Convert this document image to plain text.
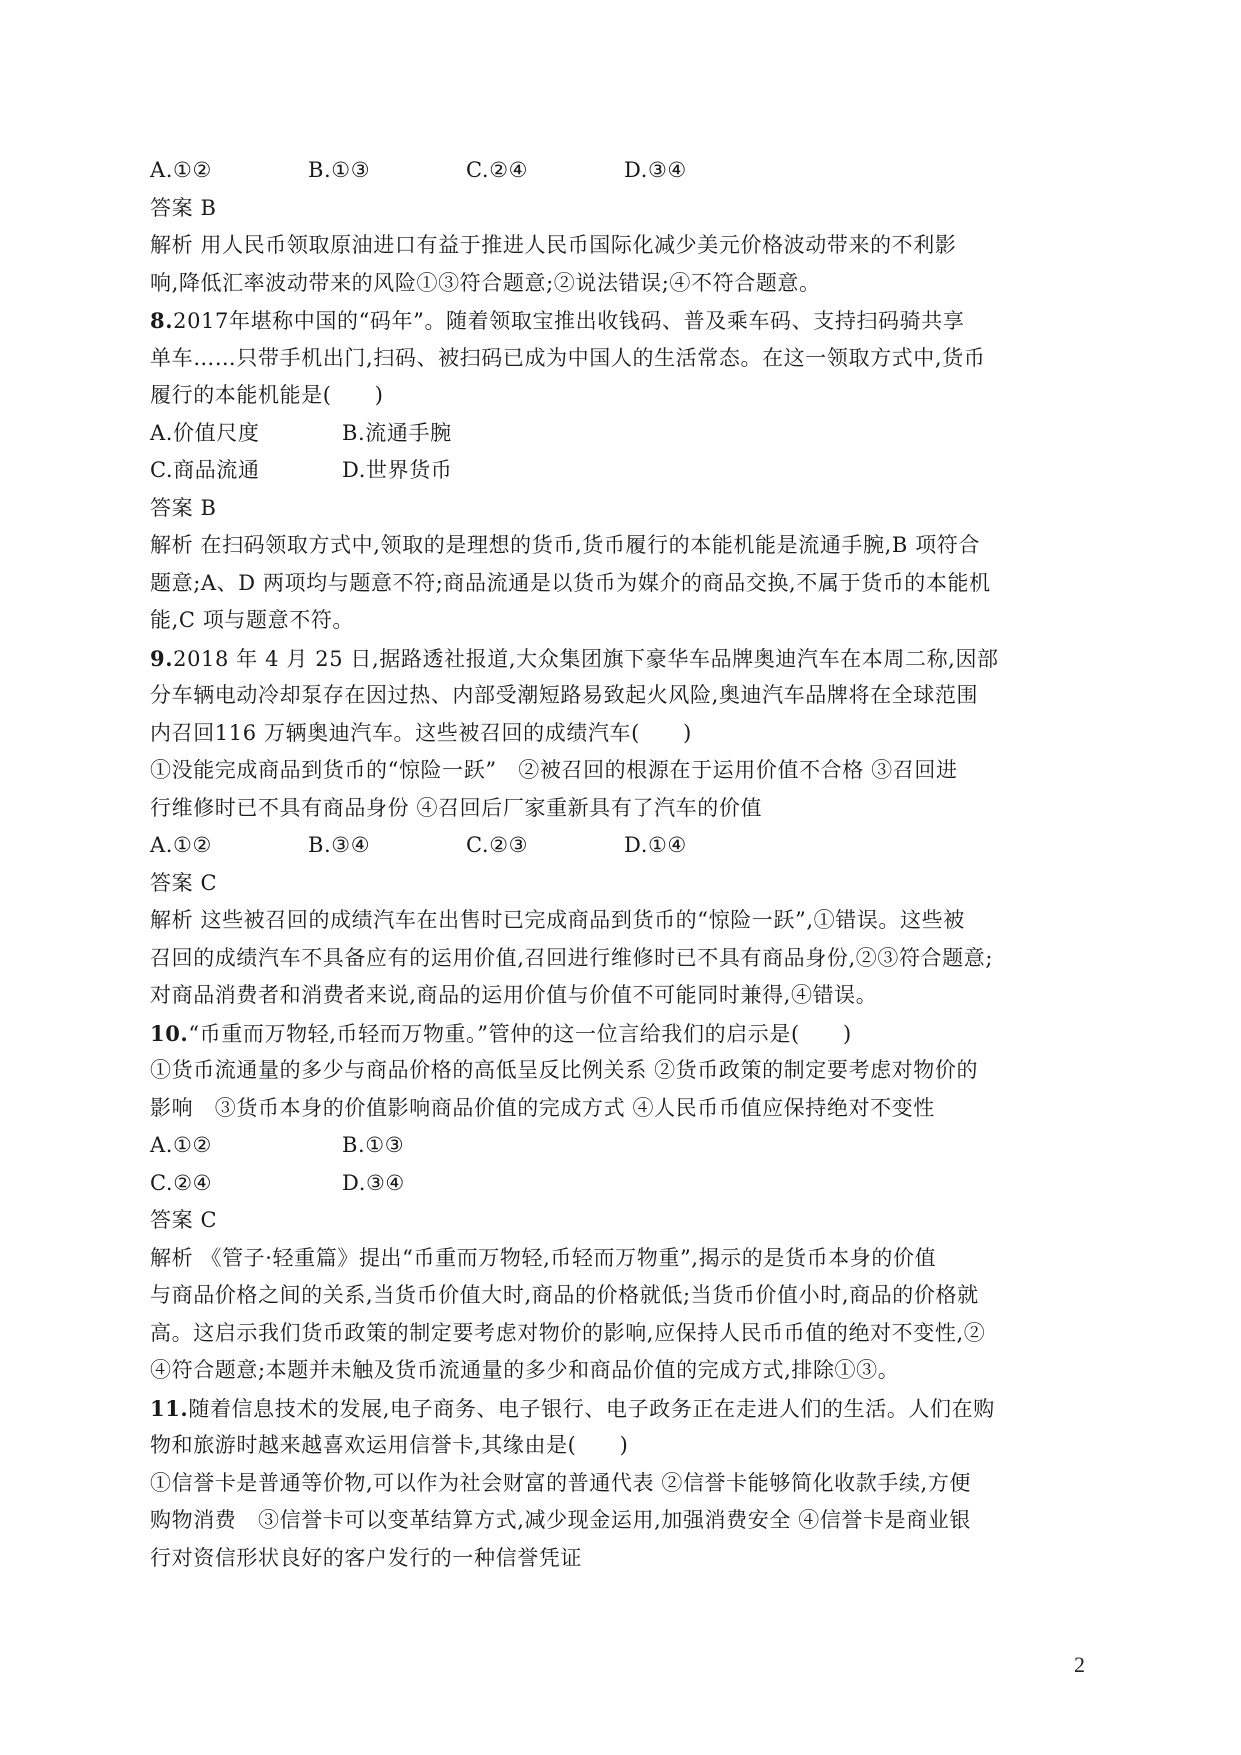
A.①②	B.①③	C.②④	D.③④
答案 B
解析 用人民币领取原油进口有益于推进人民币国际化减少美元价格波动带来的不利影
响,降低汇率波动带来的风险①③符合题意;②说法错误;④不符合题意。
8.2017年堪称中国的“码年”。随着领取宝推出收钱码、普及乘车码、支持扫码骑共享
单车……只带手机出门,扫码、被扫码已成为中国人的生活常态。在这一领取方式中,货币
履行的本能机能是(　　)
A.价值尺度	B.流通手腕
C.商品流通	D.世界货币
答案 B
解析 在扫码领取方式中,领取的是理想的货币,货币履行的本能机能是流通手腕,B 项符合
题意;A、D 两项均与题意不符;商品流通是以货币为媒介的商品交换,不属于货币的本能机
能,C 项与题意不符。
9.2018 年 4 月 25 日,据路透社报道,大众集团旗下豪华车品牌奥迪汽车在本周二称,因部
分车辆电动冷却泵存在因过热、内部受潮短路易致起火风险,奥迪汽车品牌将在全球范围
内召回116 万辆奥迪汽车。这些被召回的成绩汽车(　　)
①没能完成商品到货币的“惊险一跃”　②被召回的根源在于运用价值不合格 ③召回进
行维修时已不具有商品身份 ④召回后厂家重新具有了汽车的价值
A.①②	B.③④	C.②③	D.①④
答案 C
解析 这些被召回的成绩汽车在出售时已完成商品到货币的“惊险一跃”,①错误。这些被
召回的成绩汽车不具备应有的运用价值,召回进行维修时已不具有商品身份,②③符合题意;
对商品消费者和消费者来说,商品的运用价值与价值不可能同时兼得,④错误。
10.“币重而万物轻,币轻而万物重。”管仲的这一位言给我们的启示是(　　)
①货币流通量的多少与商品价格的高低呈反比例关系 ②货币政策的制定要考虑对物价的
影响　③货币本身的价值影响商品价值的完成方式 ④人民币币值应保持绝对不变性
A.①②	B.①③
C.②④	D.③④
答案 C
解析 《管子·轻重篇》提出“币重而万物轻,币轻而万物重”,揭示的是货币本身的价值
与商品价格之间的关系,当货币价值大时,商品的价格就低;当货币价值小时,商品的价格就
高。这启示我们货币政策的制定要考虑对物价的影响,应保持人民币币值的绝对不变性,②
④符合题意;本题并未触及货币流通量的多少和商品价值的完成方式,排除①③。
11.随着信息技术的发展,电子商务、电子银行、电子政务正在走进人们的生活。人们在购
物和旅游时越来越喜欢运用信誉卡,其缘由是(　　)
①信誉卡是普通等价物,可以作为社会财富的普通代表 ②信誉卡能够简化收款手续,方便
购物消费　③信誉卡可以变革结算方式,减少现金运用,加强消费安全 ④信誉卡是商业银
行对资信形状良好的客户发行的一种信誉凭证
2
